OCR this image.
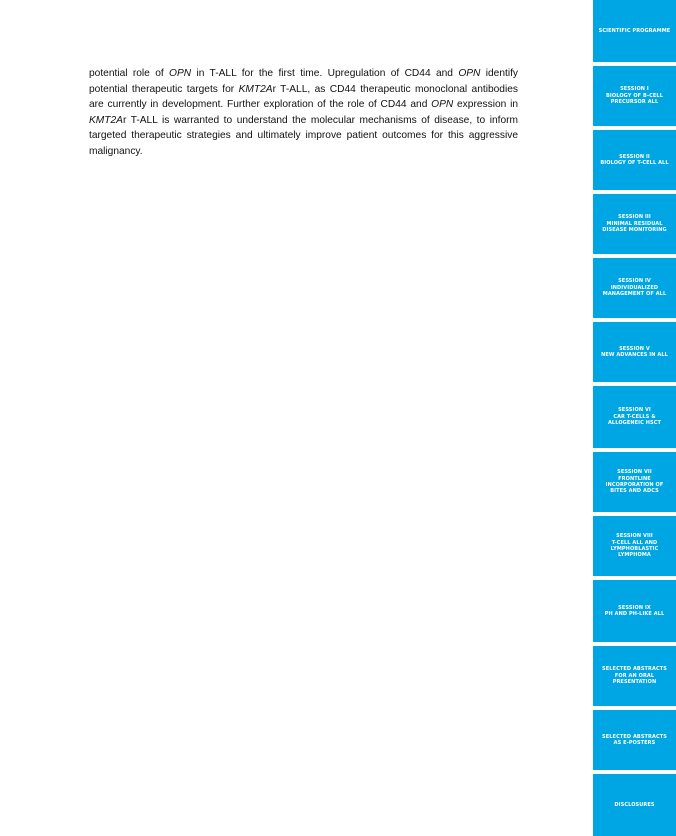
potential role of OPN in T-ALL for the first time. Upregulation of CD44 and OPN identify potential therapeutic targets for KMT2Ar T-ALL, as CD44 therapeutic monoclonal antibodies are currently in development. Further exploration of the role of CD44 and OPN expression in KMT2Ar T-ALL is warranted to understand the molecular mechanisms of disease, to inform targeted therapeutic strategies and ultimately improve patient outcomes for this aggressive malignancy.

SCIENTIFIC PROGRAMME
SESSION I
BIOLOGY OF B-CELL
PRECURSOR ALL
SESSION II
BIOLOGY OF T-CELL ALL
SESSION III
MINIMAL RESIDUAL
DISEASE MONITORING
SESSION IV
INDIVIDUALIZED
MANAGEMENT OF ALL
SESSION V
NEW ADVANCES IN ALL
SESSION VI
CAR T-CELLS &
ALLOGENEIC HSCT
SESSION VII
FRONTLINE
INCORPORATION OF
BITES AND ADCS
SESSION VIII
T-CELL ALL AND
LYMPHOBLASTIC
LYMPHOMA
SESSION IX
PH AND PH-LIKE ALL
SELECTED ABSTRACTS
FOR AN ORAL
PRESENTATION
SELECTED ABSTRACTS
AS E-POSTERS
DISCLOSURES
